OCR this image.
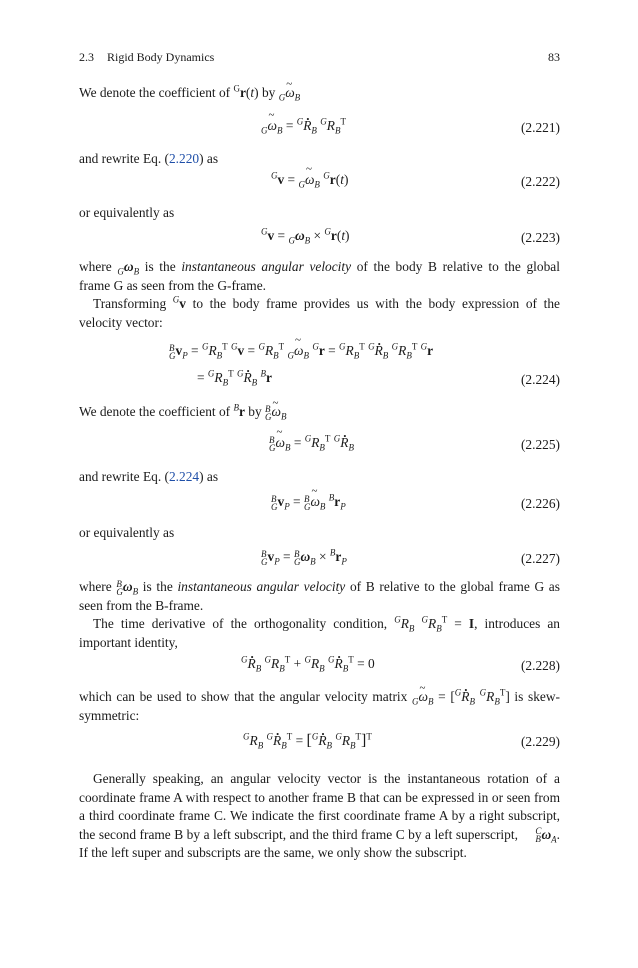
2.3 Rigid Body Dynamics	83
We denote the coefficient of $^G$r(t) by $_G$~ $\omega_B$
$_G$~ $\omega_B = ^G$. $R_B$ $^GR_B^T$	(2.221)
and rewrite Eq. (2.220) as
$^G$v = $_G$~ $\omega_B$ $^G$r(t)	(2.222)
or equivalently as
$^Gv = _G\omega_B \times ^Gr(t)$	(2.223)
where $_G\omega_B$ is the instantaneous angular velocity of the body B relative to the global frame G as seen from the G-frame.
Transforming $^G$v to the body frame provides us with the body expression of the velocity vector:
B
G $v_P = ^GR_B^T$ $^Gv = ^GR_B^T$ $_G$~ $\omega_B$ $^Gr = ^GR_B^T$ $^G$. $R_B$ $^GR_B^T$ $^G$r
= $^GR_B^T$ $^G$. $R_B$ $^B$r	(2.224)
We denote the coefficient of $^B$r by B
G ~ $\omega_B$
B
G ~ $\omega_B = ^GR_B^T$ $^G$. $R_B$	(2.225)
and rewrite Eq. (2.224) as
B
G $v_P = B$
G ~ $\omega_B$ $^Br_P$	(2.226)
or equivalently as
B
G $v_P = B$
G $\omega_B \times ^Br_P$	(2.227)
where B
G $\omega_B$ is the instantaneous angular velocity of B relative to the global frame G as seen from the B-frame.
The time derivative of the orthogonality condition, $^GR_B$ $^GR_B^T = I$, introduces an important identity,
$^G$. $R_B$ $^GR_B^T + ^GR_B$ $^G$. $R_B^T = 0$	(2.228)
which can be used to show that the angular velocity matrix $_G$~ $\omega_B = [^G$. $R_B$ $^GR_B^T$] is skew-symmetric:
$^GR_B$ $^G$. $R_B^T = [^G$. $R_B$ $^GR_B^T]^T$	(2.229)
Generally speaking, an angular velocity vector is the instantaneous rotation of a coordinate frame A with respect to another frame B that can be expressed in or seen from a third coordinate frame C. We indicate the first coordinate frame A by a right subscript, the second frame B by a left subscript, and the third frame C by a left superscript,	C
B $\omega_A$. If the left super and subscripts are the same, we only show the subscript.
